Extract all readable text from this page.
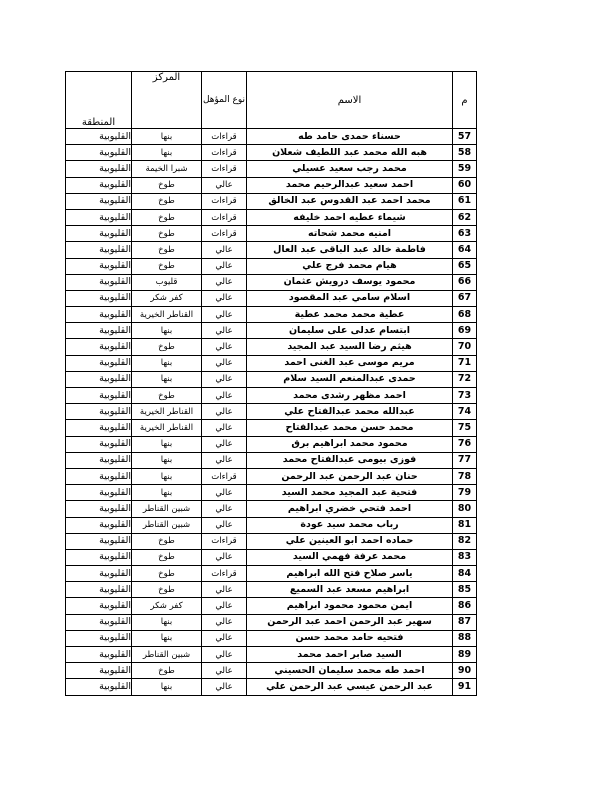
م	الاسم	نوع المؤهل	المركز	المنطقة
57	حسناء حمدى حامد طه	قراءات	بنها	القليوبية
58	هبه الله محمد عبد اللطيف شعلان	قراءات	بنها	القليوبية
59	محمد رجب سعيد عسيلي	قراءات	شبرا الخيمة	القليوبية
60	احمد سعيد عبدالرحيم محمد	عالي	طوخ	القليوبية
61	محمد احمد عبد القدوس عبد الخالق	قراءات	طوخ	القليوبية
62	شيماء عطيه احمد خليفه	قراءات	طوخ	القليوبية
63	امنيه محمد شحاته	قراءات	طوخ	القليوبية
64	فاطمة خالد عبد الباقى عبد العال	عالي	طوخ	القليوبية
65	هيام محمد فرج علي	عالي	طوخ	القليوبية
66	محمود يوسف درويش عثمان	عالي	قليوب	القليوبية
67	اسلام سامي عبد المقصود	عالي	كفر شكر	القليوبية
68	عطية محمد محمد عطية	عالي	القناطر الخيرية	القليوبية
69	ابتسام عدلى على سليمان	عالي	بنها	القليوبية
70	هيثم رضا السيد عبد المجيد	عالي	طوخ	القليوبية
71	مريم موسى عبد الغنى احمد	عالي	بنها	القليوبية
72	حمدى عبدالمنعم السيد سلام	عالي	بنها	القليوبية
73	احمد مظهر رشدى محمد	عالي	طوخ	القليوبية
74	عبدالله محمد عبدالفتاح علي	عالي	القناطر الخيرية	القليوبية
75	محمد حسن محمد عبدالفتاح	عالي	القناطر الخيرية	القليوبية
76	محمود محمد ابراهيم برق	عالي	بنها	القليوبية
77	فوزى بيومى عبدالفتاح محمد	عالي	بنها	القليوبية
78	حنان عبد الرحمن عبد الرحمن	قراءات	بنها	القليوبية
79	فتحية عبد المجيد محمد السيد	عالي	بنها	القليوبية
80	احمد فتحي خضري ابراهيم	عالي	شبين القناطر	القليوبية
81	رباب محمد سيد عودة	عالي	شبين القناطر	القليوبية
82	حماده احمد ابو العينين علي	قراءات	طوخ	القليوبية
83	محمد عرفة فهمي السيد	عالي	طوخ	القليوبية
84	ياسر صلاح فتح الله ابراهيم	قراءات	طوخ	القليوبية
85	ابراهيم مسعد عبد السميع	عالي	طوخ	القليوبية
86	ايمن محمود محمود ابراهيم	عالي	كفر شكر	القليوبية
87	سهير عبد الرحمن احمد عبد الرحمن	عالي	بنها	القليوبية
88	فتحيه حامد محمد حسن	عالي	بنها	القليوبية
89	السيد صابر احمد محمد	عالي	شبين القناطر	القليوبية
90	احمد طه محمد سليمان الحسيني	عالي	طوخ	القليوبية
91	عبد الرحمن عيسي عبد الرحمن علي	عالي	بنها	القليوبية
